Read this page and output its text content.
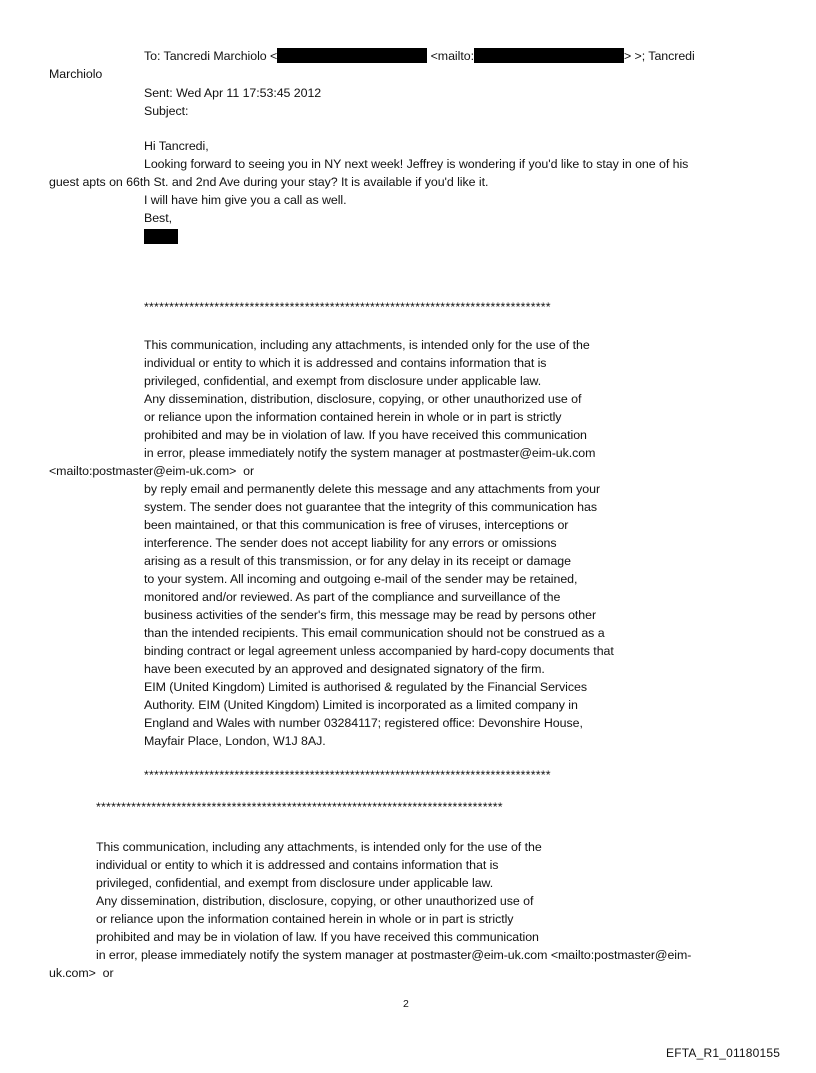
To: Tancredi Marchiolo <	<mailto:	> >; Tancredi
Marchiolo
Sent: Wed Apr 11 17:53:45 2012
Subject:
Hi Tancredi,
Looking forward to seeing you in NY next week! Jeffrey is wondering if you'd like to stay in one of his
guest apts on 66th St. and 2nd Ave during your stay? It is available if you'd like it.
I will have him give you a call as well.
Best,
*********************************************************************************
This communication, including any attachments, is intended only for the use of the
individual or entity to which it is addressed and contains information that is
privileged, confidential, and exempt from disclosure under applicable law.
Any dissemination, distribution, disclosure, copying, or other unauthorized use of
or reliance upon the information contained herein in whole or in part is strictly
prohibited and may be in violation of law. If you have received this communication
in error, please immediately notify the system manager at postmaster@eim-uk.com
<mailto:postmaster@eim-uk.com>  or
by reply email and permanently delete this message and any attachments from your
system. The sender does not guarantee that the integrity of this communication has
been maintained, or that this communication is free of viruses, interceptions or
interference. The sender does not accept liability for any errors or omissions
arising as a result of this transmission, or for any delay in its receipt or damage
to your system. All incoming and outgoing e-mail of the sender may be retained,
monitored and/or reviewed. As part of the compliance and surveillance of the
business activities of the sender's firm, this message may be read by persons other
than the intended recipients. This email communication should not be construed as a
binding contract or legal agreement unless accompanied by hard-copy documents that
have been executed by an approved and designated signatory of the firm.
EIM (United Kingdom) Limited is authorised & regulated by the Financial Services
Authority. EIM (United Kingdom) Limited is incorporated as a limited company in
England and Wales with number 03284117; registered office: Devonshire House,
Mayfair Place, London, W1J 8AJ.
*********************************************************************************
*********************************************************************************
This communication, including any attachments, is intended only for the use of the
individual or entity to which it is addressed and contains information that is
privileged, confidential, and exempt from disclosure under applicable law.
Any dissemination, distribution, disclosure, copying, or other unauthorized use of
or reliance upon the information contained herein in whole or in part is strictly
prohibited and may be in violation of law. If you have received this communication
in error, please immediately notify the system manager at postmaster@eim-uk.com <mailto:postmaster@eim-
uk.com>  or
2
EFTA_R1_01180155
